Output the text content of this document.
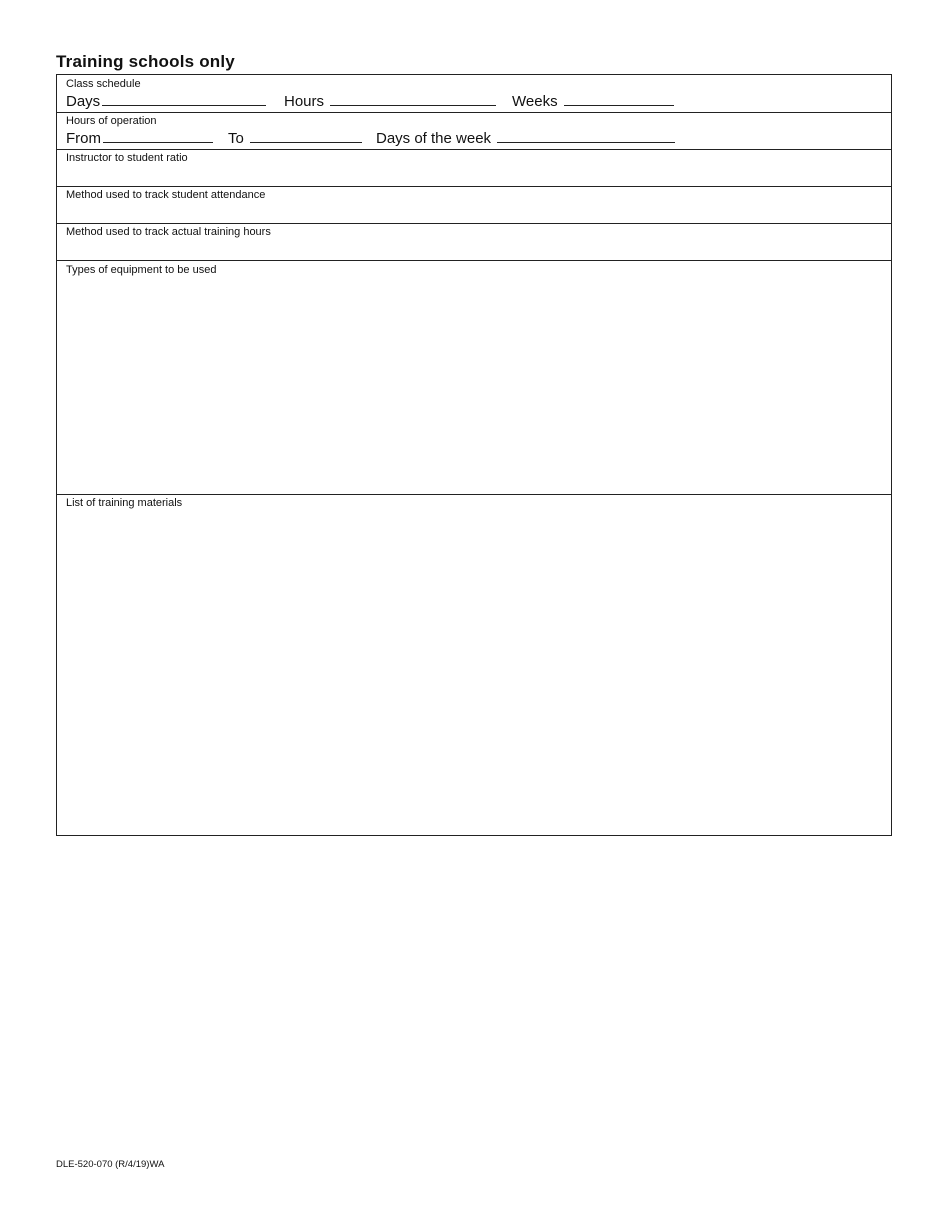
Training schools only
Class schedule
Days	Hours	Weeks
Hours of operation
From	To	Days of the week
Instructor to student ratio
Method used to track student attendance
Method used to track actual training hours
Types of equipment to be used
List of training materials
DLE-520-070 (R/4/19)WA
